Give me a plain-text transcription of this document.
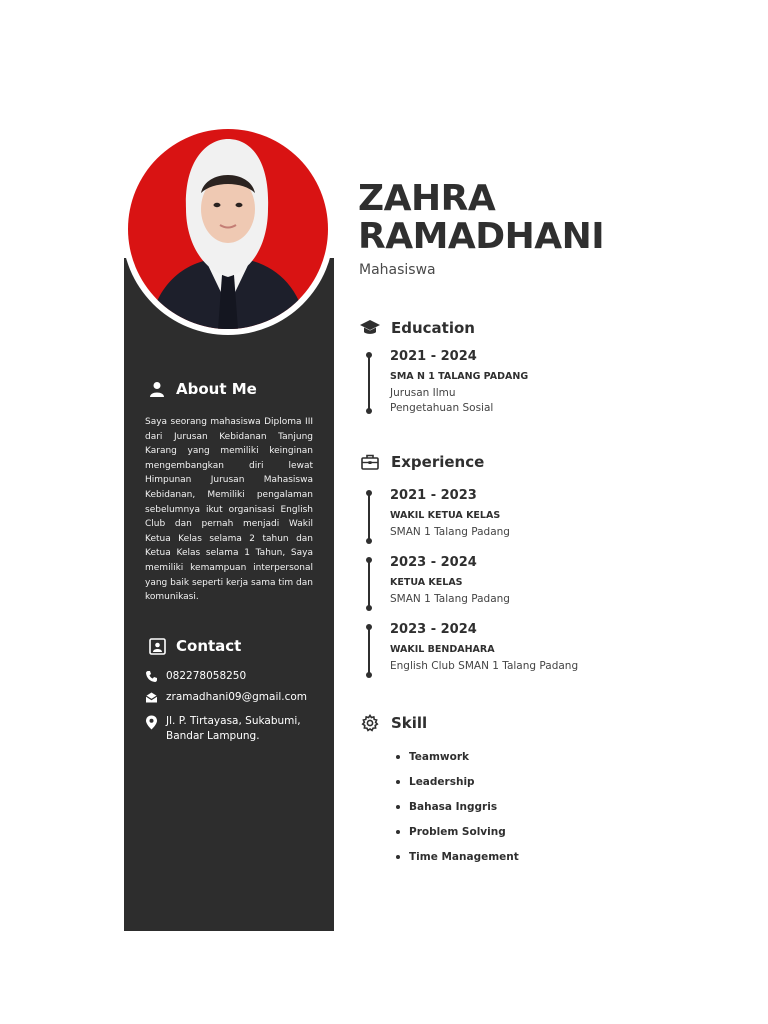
About Me

Saya seorang mahasiswa Diploma III dari Jurusan Kebidanan Tanjung Karang yang memiliki keinginan mengembangkan diri lewat Himpunan Jurusan Mahasiswa Kebidanan, Memiliki pengalaman sebelumnya ikut organisasi English Club dan pernah menjadi Wakil Ketua Kelas selama 2 tahun dan Ketua Kelas selama 1 Tahun, Saya memiliki kemampuan interpersonal yang baik seperti kerja sama tim dan komunikasi.

Contact
082278058250
zramadhani09@gmail.com
Jl. P. Tirtayasa, Sukabumi,
Bandar Lampung.
ZAHRA
RAMADHANI
Mahasiswa
Education
2021 - 2024
SMA N 1 TALANG PADANG
Jurusan Ilmu
Pengetahuan Sosial
Experience
2021 - 2023
WAKIL KETUA KELAS
SMAN 1 Talang Padang
2023 - 2024
KETUA KELAS
SMAN 1 Talang Padang
2023 - 2024
WAKIL BENDAHARA
English Club SMAN 1 Talang Padang
Skill
Teamwork
Leadership
Bahasa Inggris
Problem Solving
Time Management
